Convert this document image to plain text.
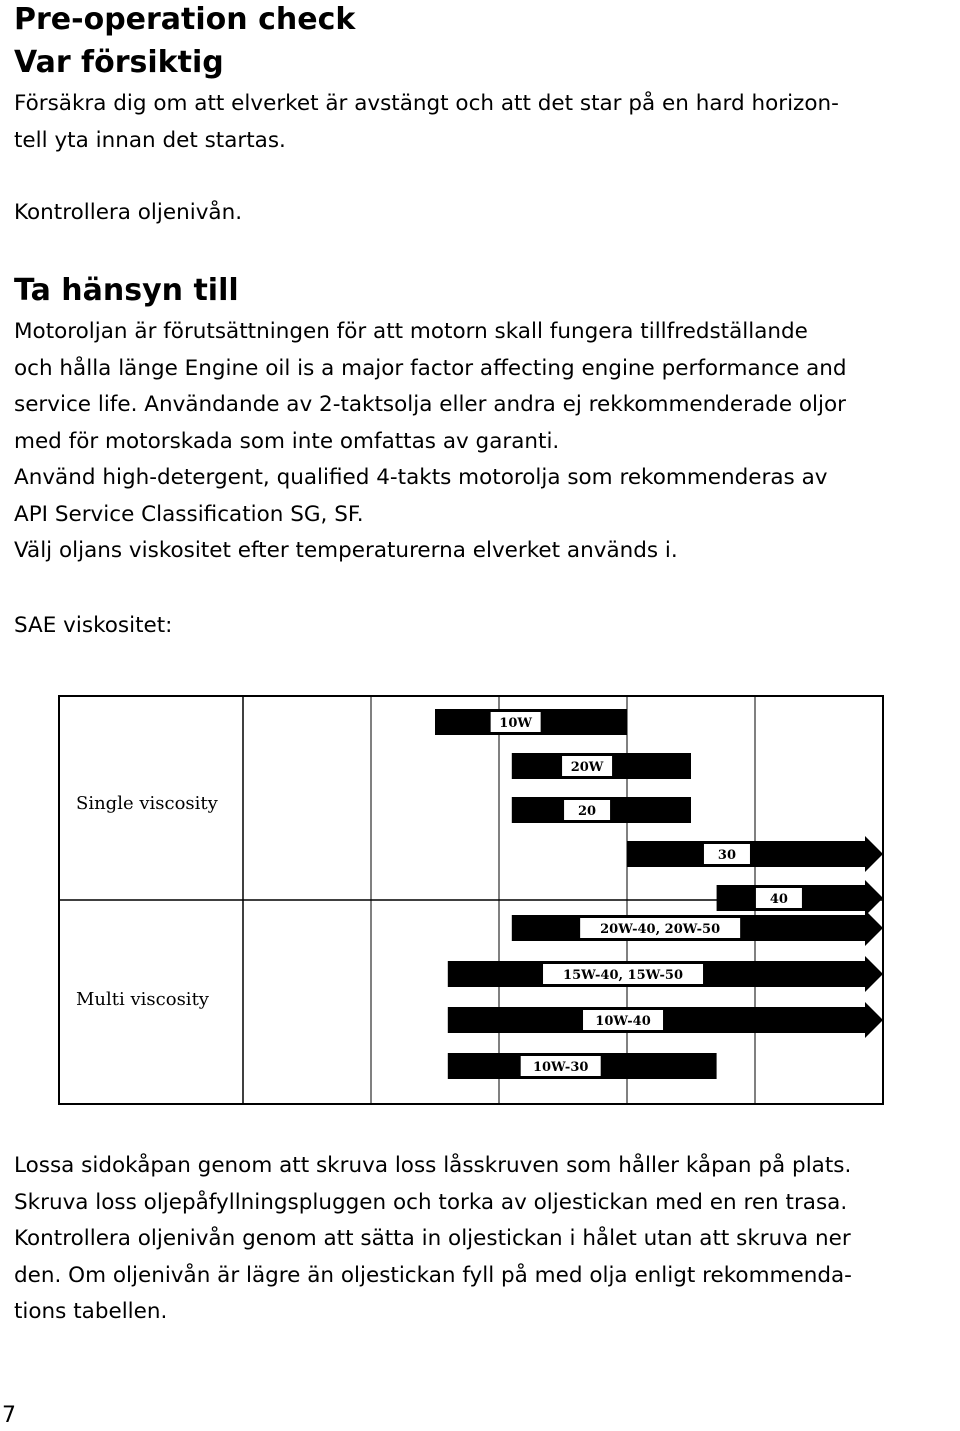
Pre-operation check
Var försiktig
Försäkra dig om att elverket är avstängt och att det star på en hard horizon-
tell yta innan det startas.
Kontrollera oljenivån.
Ta hänsyn till
Motoroljan är förutsättningen för att motorn skall fungera tillfredställande
och hålla länge Engine oil is a major factor affecting engine performance and
service life. Användande av 2-taktsolja eller andra ej rekkommenderade oljor
med för motorskada som inte omfattas av garanti.
Använd high-detergent, qualified 4-takts motorolja som rekommenderas av
API Service Classification SG, SF.
Välj oljans viskositet efter temperaturerna elverket används i.
SAE viskositet:
Single viscosity
10W
20W
20
30
40
Multi viscosity
20W-40, 20W-50
15W-40, 15W-50
10W-40
10W-30
Lossa sidokåpan genom att skruva loss låsskruven som håller kåpan på plats.
Skruva loss oljepåfyllningspluggen och torka av oljestickan med en ren trasa.
Kontrollera oljenivån genom att sätta in oljestickan i hålet utan att skruva ner
den. Om oljenivån är lägre än oljestickan fyll på med olja enligt rekommenda-
tions tabellen.
7
